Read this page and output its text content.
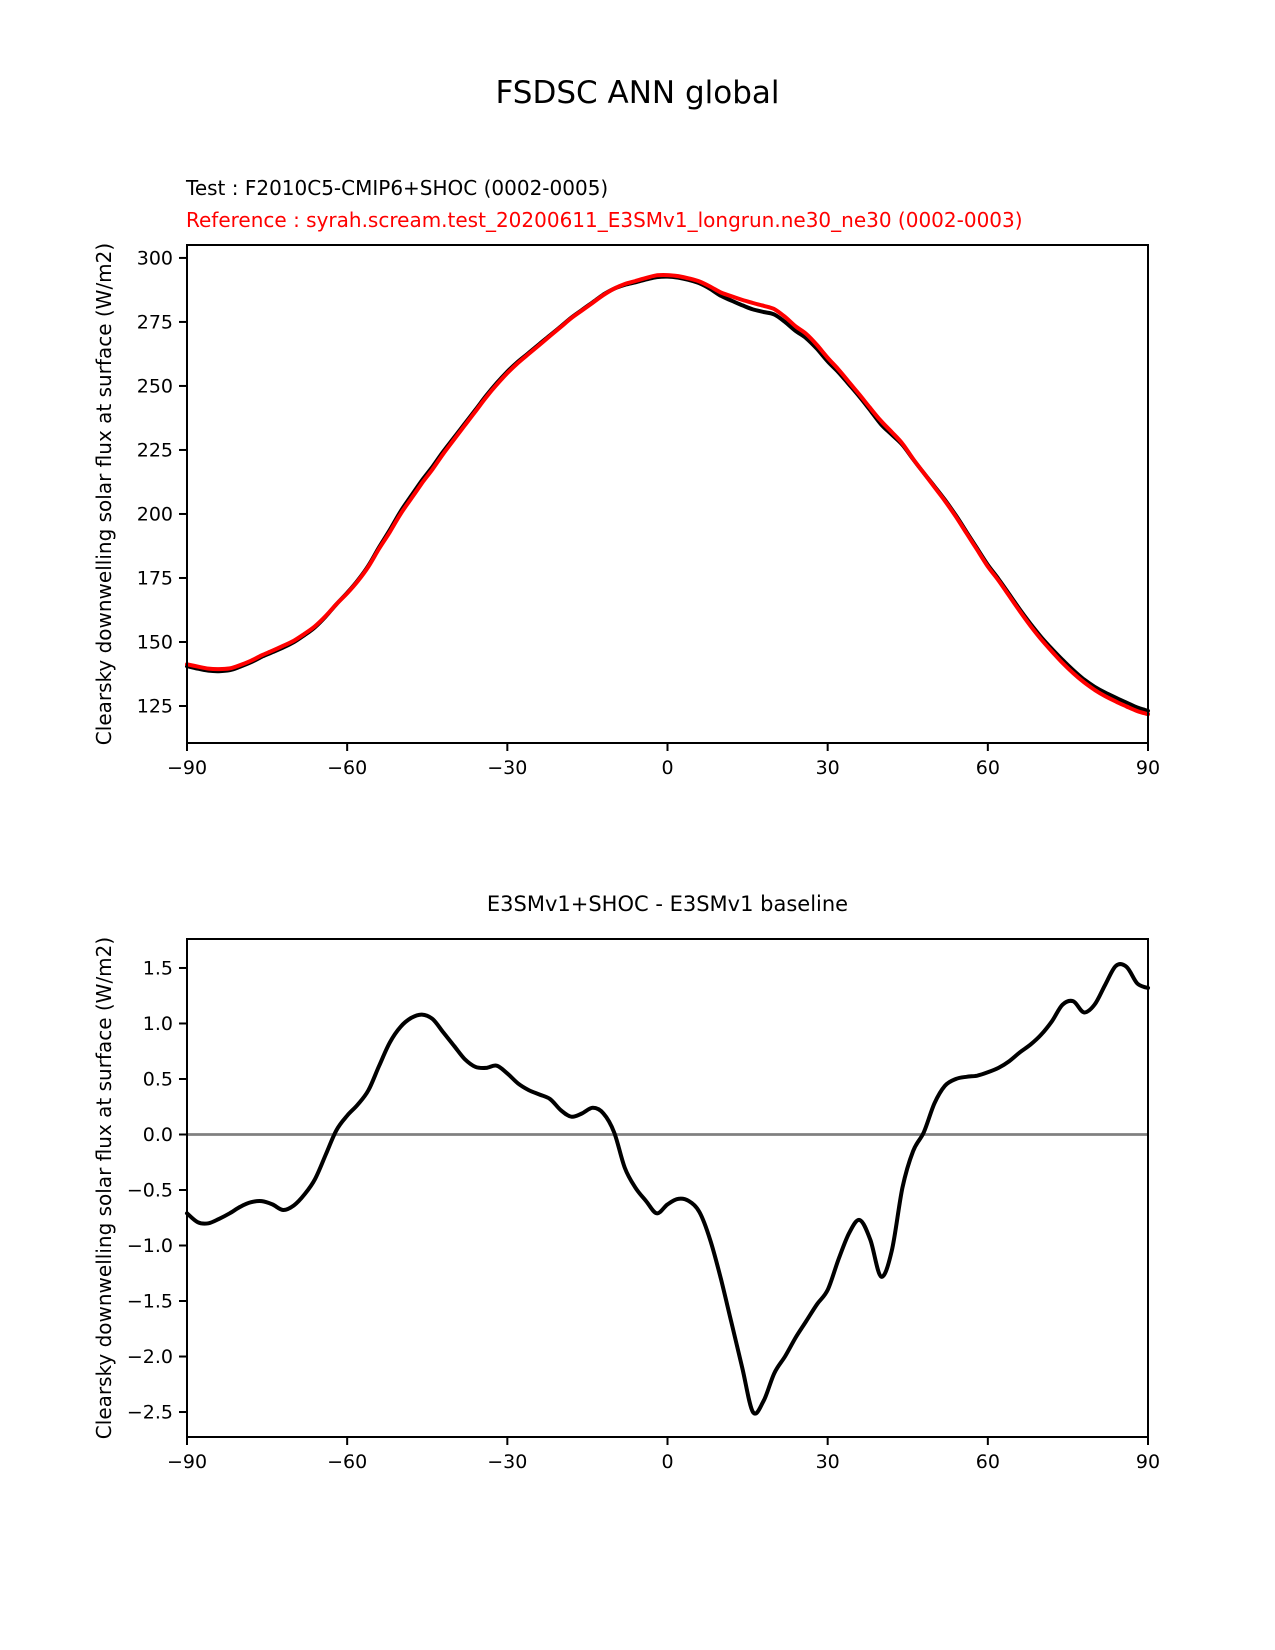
FSDSC ANN global
Test : F2010C5-CMIP6+SHOC (0002-0005)
Reference : syrah.scream.test_20200611_E3SMv1_longrun.ne30_ne30 (0002-0003)
Clearsky downwelling solar flux at surface (W/m2)
E3SMv1+SHOC - E3SMv1 baseline
Clearsky downwelling solar flux at surface (W/m2)
−90	−60	−30	0	30	60	90
125
150
175
200
225
250
275
300
−90	−60	−30	0	30	60	90
−2.5
−2.0
−1.5
−1.0
−0.5
0.0
0.5
1.0
1.5
